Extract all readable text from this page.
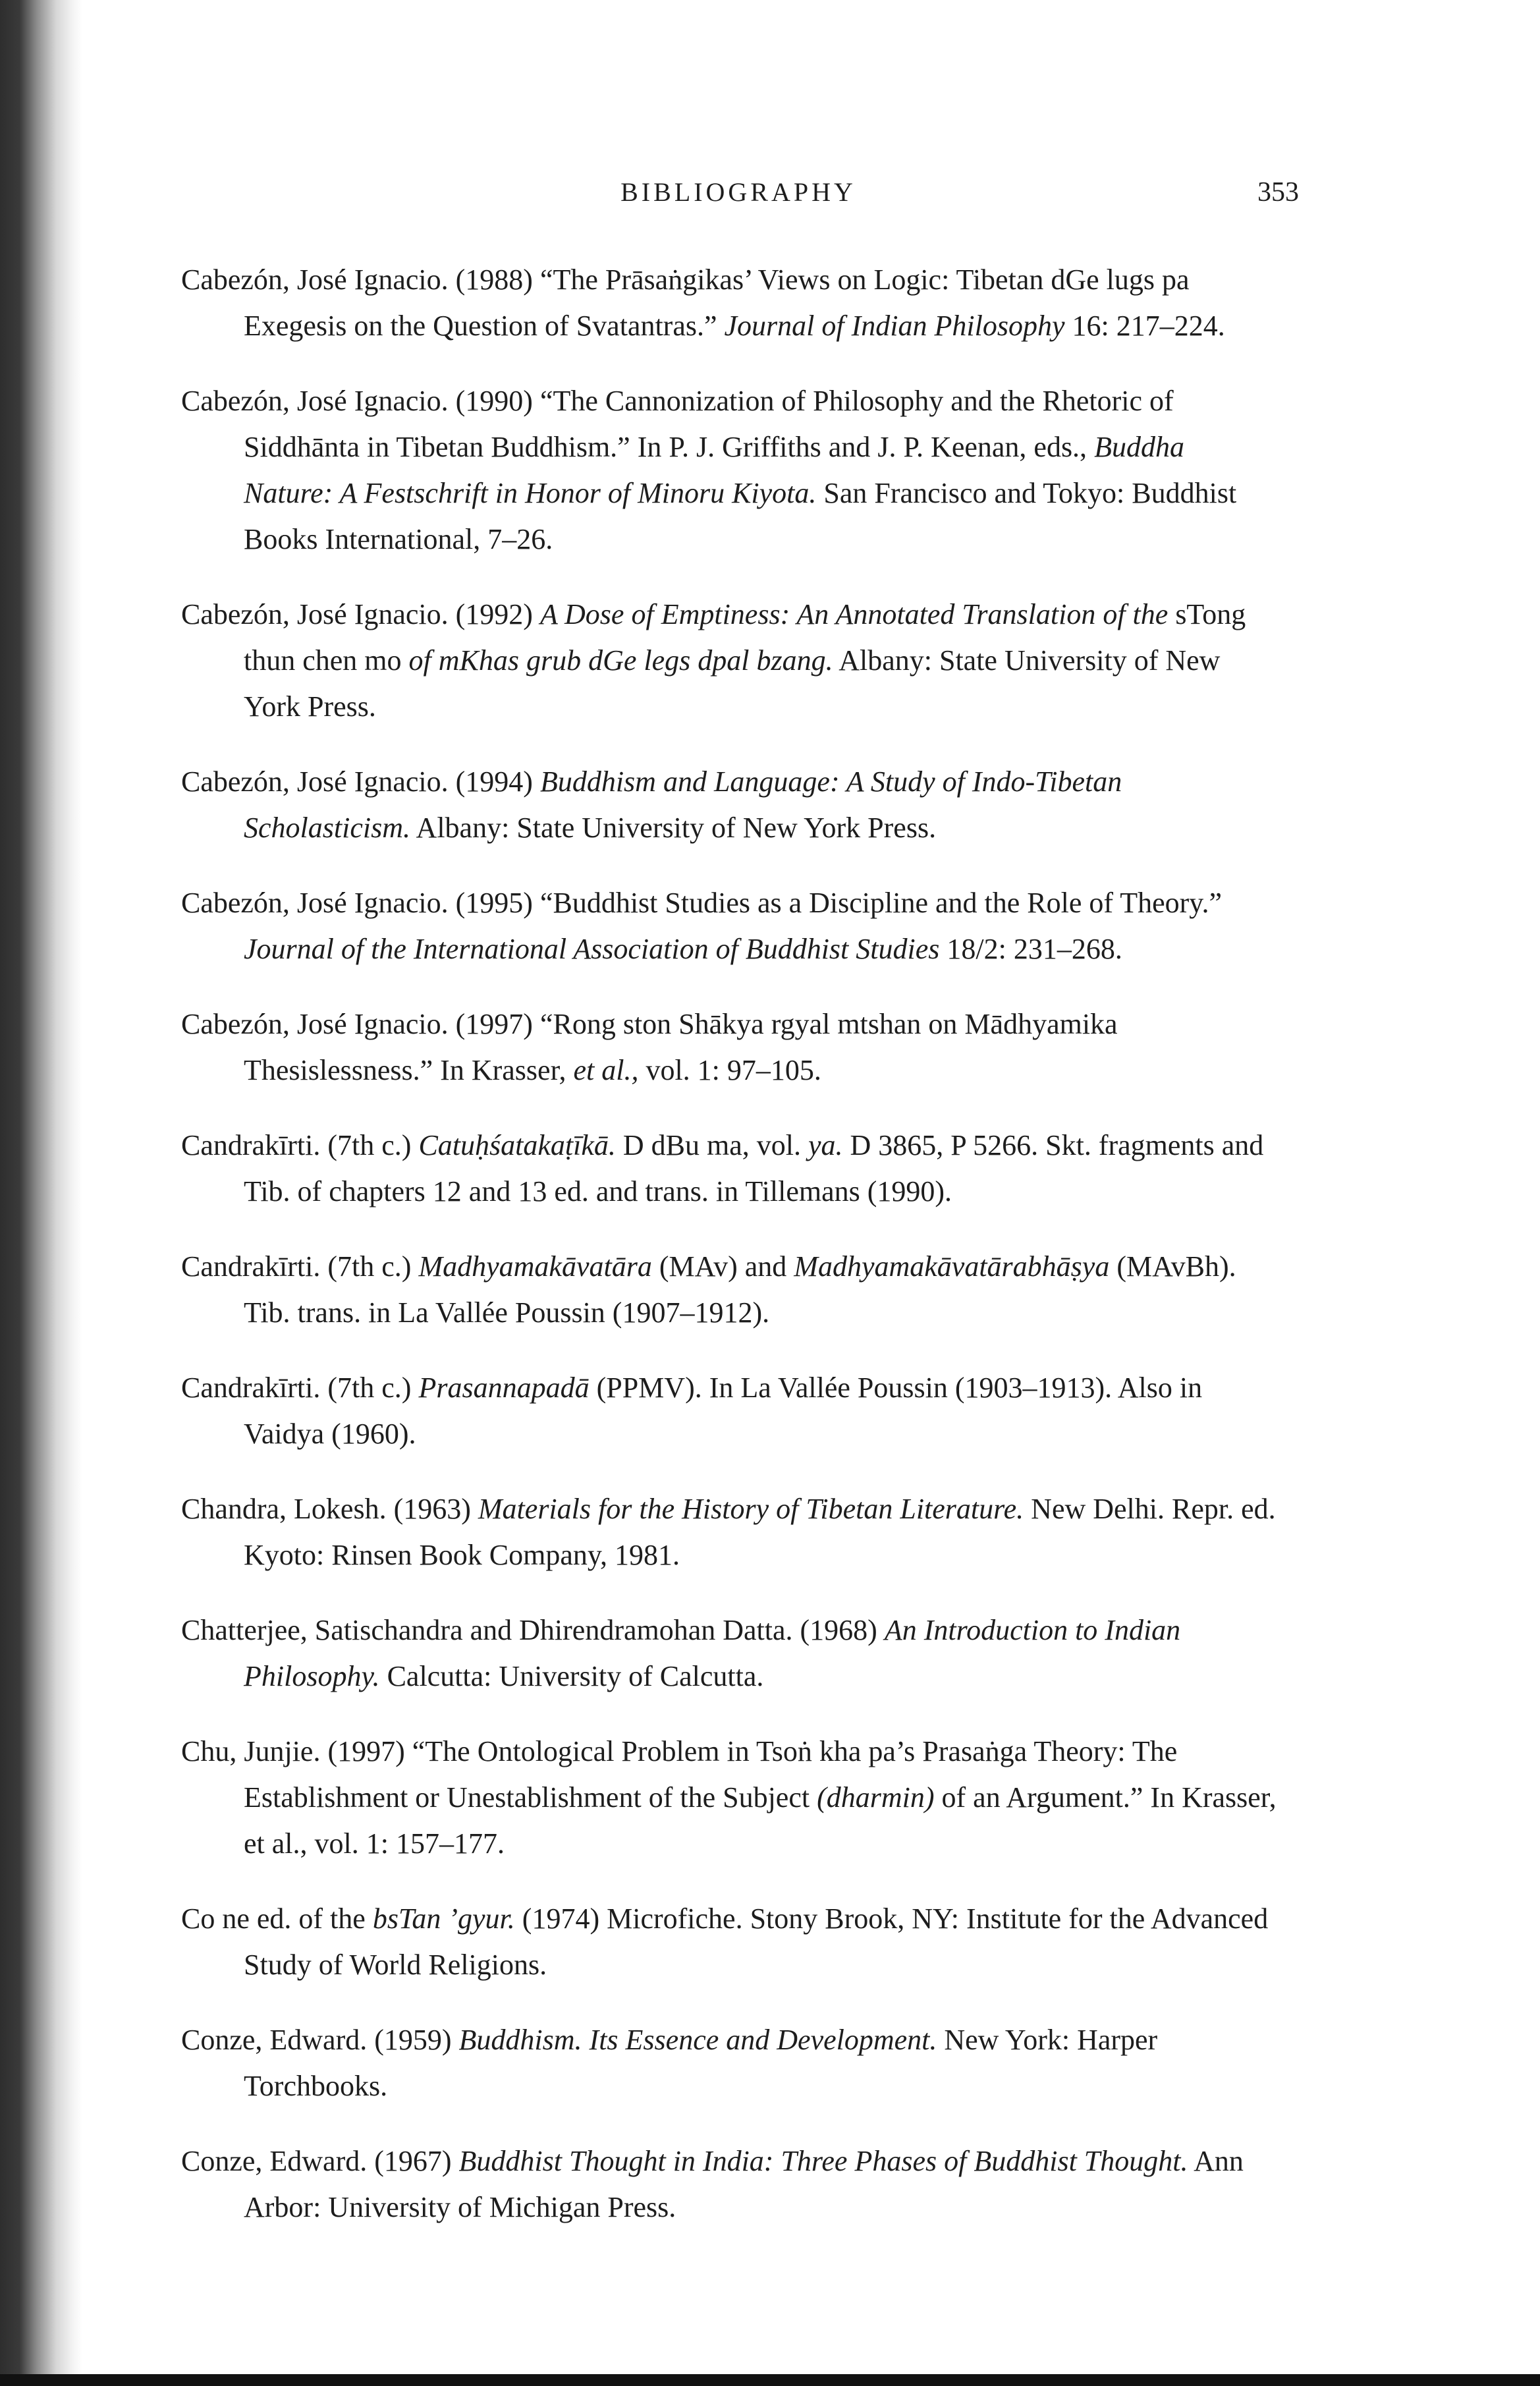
BIBLIOGRAPHY	353

Cabezón, José Ignacio. (1988) “The Prāsaṅgikas’ Views on Logic: Tibetan dGe lugs pa Exegesis on the Question of Svatantras.” Journal of Indian Philosophy 16: 217–224.

Cabezón, José Ignacio. (1990) “The Cannonization of Philosophy and the Rhetoric of Siddhānta in Tibetan Buddhism.” In P. J. Griffiths and J. P. Keenan, eds., Buddha Nature: A Festschrift in Honor of Minoru Kiyota. San Francisco and Tokyo: Buddhist Books International, 7–26.

Cabezón, José Ignacio. (1992) A Dose of Emptiness: An Annotated Translation of the sTong thun chen mo of mKhas grub dGe legs dpal bzang. Albany: State University of New York Press.

Cabezón, José Ignacio. (1994) Buddhism and Language: A Study of Indo-Tibetan Scholasticism. Albany: State University of New York Press.

Cabezón, José Ignacio. (1995) “Buddhist Studies as a Discipline and the Role of Theory.” Journal of the International Association of Buddhist Studies 18/2: 231–268.

Cabezón, José Ignacio. (1997) “Rong ston Shākya rgyal mtshan on Mādhyamika Thesislessness.” In Krasser, et al., vol. 1: 97–105.

Candrakīrti. (7th c.) Catuḥśatakaṭīkā. D dBu ma, vol. ya. D 3865, P 5266. Skt. fragments and Tib. of chapters 12 and 13 ed. and trans. in Tillemans (1990).

Candrakīrti. (7th c.) Madhyamakāvatāra (MAv) and Madhyamakāvatārabhāṣya (MAvBh). Tib. trans. in La Vallée Poussin (1907–1912).

Candrakīrti. (7th c.) Prasannapadā (PPMV). In La Vallée Poussin (1903–1913). Also in Vaidya (1960).

Chandra, Lokesh. (1963) Materials for the History of Tibetan Literature. New Delhi. Repr. ed. Kyoto: Rinsen Book Company, 1981.

Chatterjee, Satischandra and Dhirendramohan Datta. (1968) An Introduction to Indian Philosophy. Calcutta: University of Calcutta.

Chu, Junjie. (1997) “The Ontological Problem in Tsoṅ kha pa’s Prasaṅga Theory: The Establishment or Unestablishment of the Subject (dharmin) of an Argument.” In Krasser, et al., vol. 1: 157–177.

Co ne ed. of the bsTan ’gyur. (1974) Microfiche. Stony Brook, NY: Institute for the Advanced Study of World Religions.

Conze, Edward. (1959) Buddhism. Its Essence and Development. New York: Harper Torchbooks.

Conze, Edward. (1967) Buddhist Thought in India: Three Phases of Buddhist Thought. Ann Arbor: University of Michigan Press.
